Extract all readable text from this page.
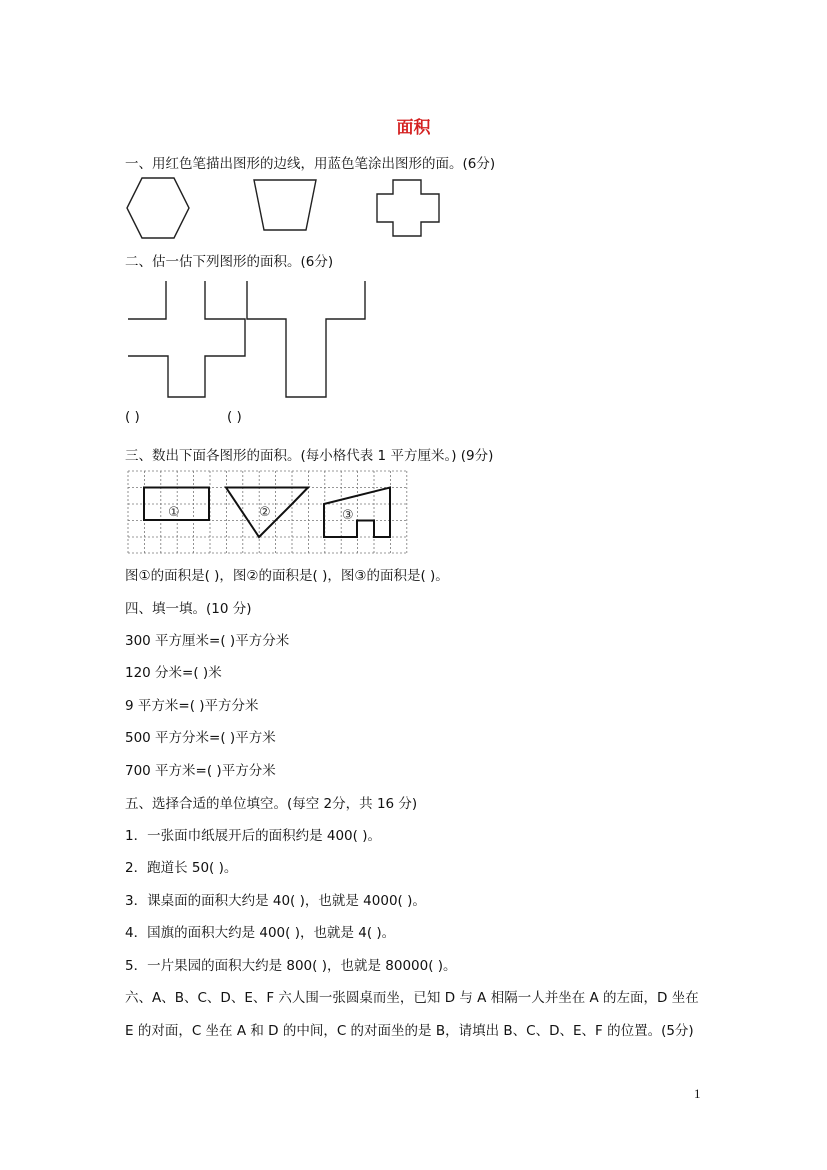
面积
一、用红色笔描出图形的边线，用蓝色笔涂出图形的面。(6分)
二、估一估下列图形的面积。(6分)
( )	( )
三、数出下面各图形的面积。(每小格代表 1 平方厘米。) (9分)
①	②	③
图①的面积是( )，图②的面积是( )，图③的面积是( )。
四、填一填。(10 分)
300 平方厘米=( )平方分米
120 分米=( )米
9 平方米=( )平方分米
500 平方分米=( )平方米
700 平方米=( )平方分米
五、选择合适的单位填空。(每空 2分，共 16 分)
1．一张面巾纸展开后的面积约是 400( )。
2．跑道长 50( )。
3．课桌面的面积大约是 40( )，也就是 4000( )。
4．国旗的面积大约是 400( )，也就是 4( )。
5．一片果园的面积大约是 800( )，也就是 80000( )。
六、A、B、C、D、E、F 六人围一张圆桌而坐，已知 D 与 A 相隔一人并坐在 A 的左面，D 坐在
E 的对面，C 坐在 A 和 D 的中间，C 的对面坐的是 B，请填出 B、C、D、E、F 的位置。(5分)
1
